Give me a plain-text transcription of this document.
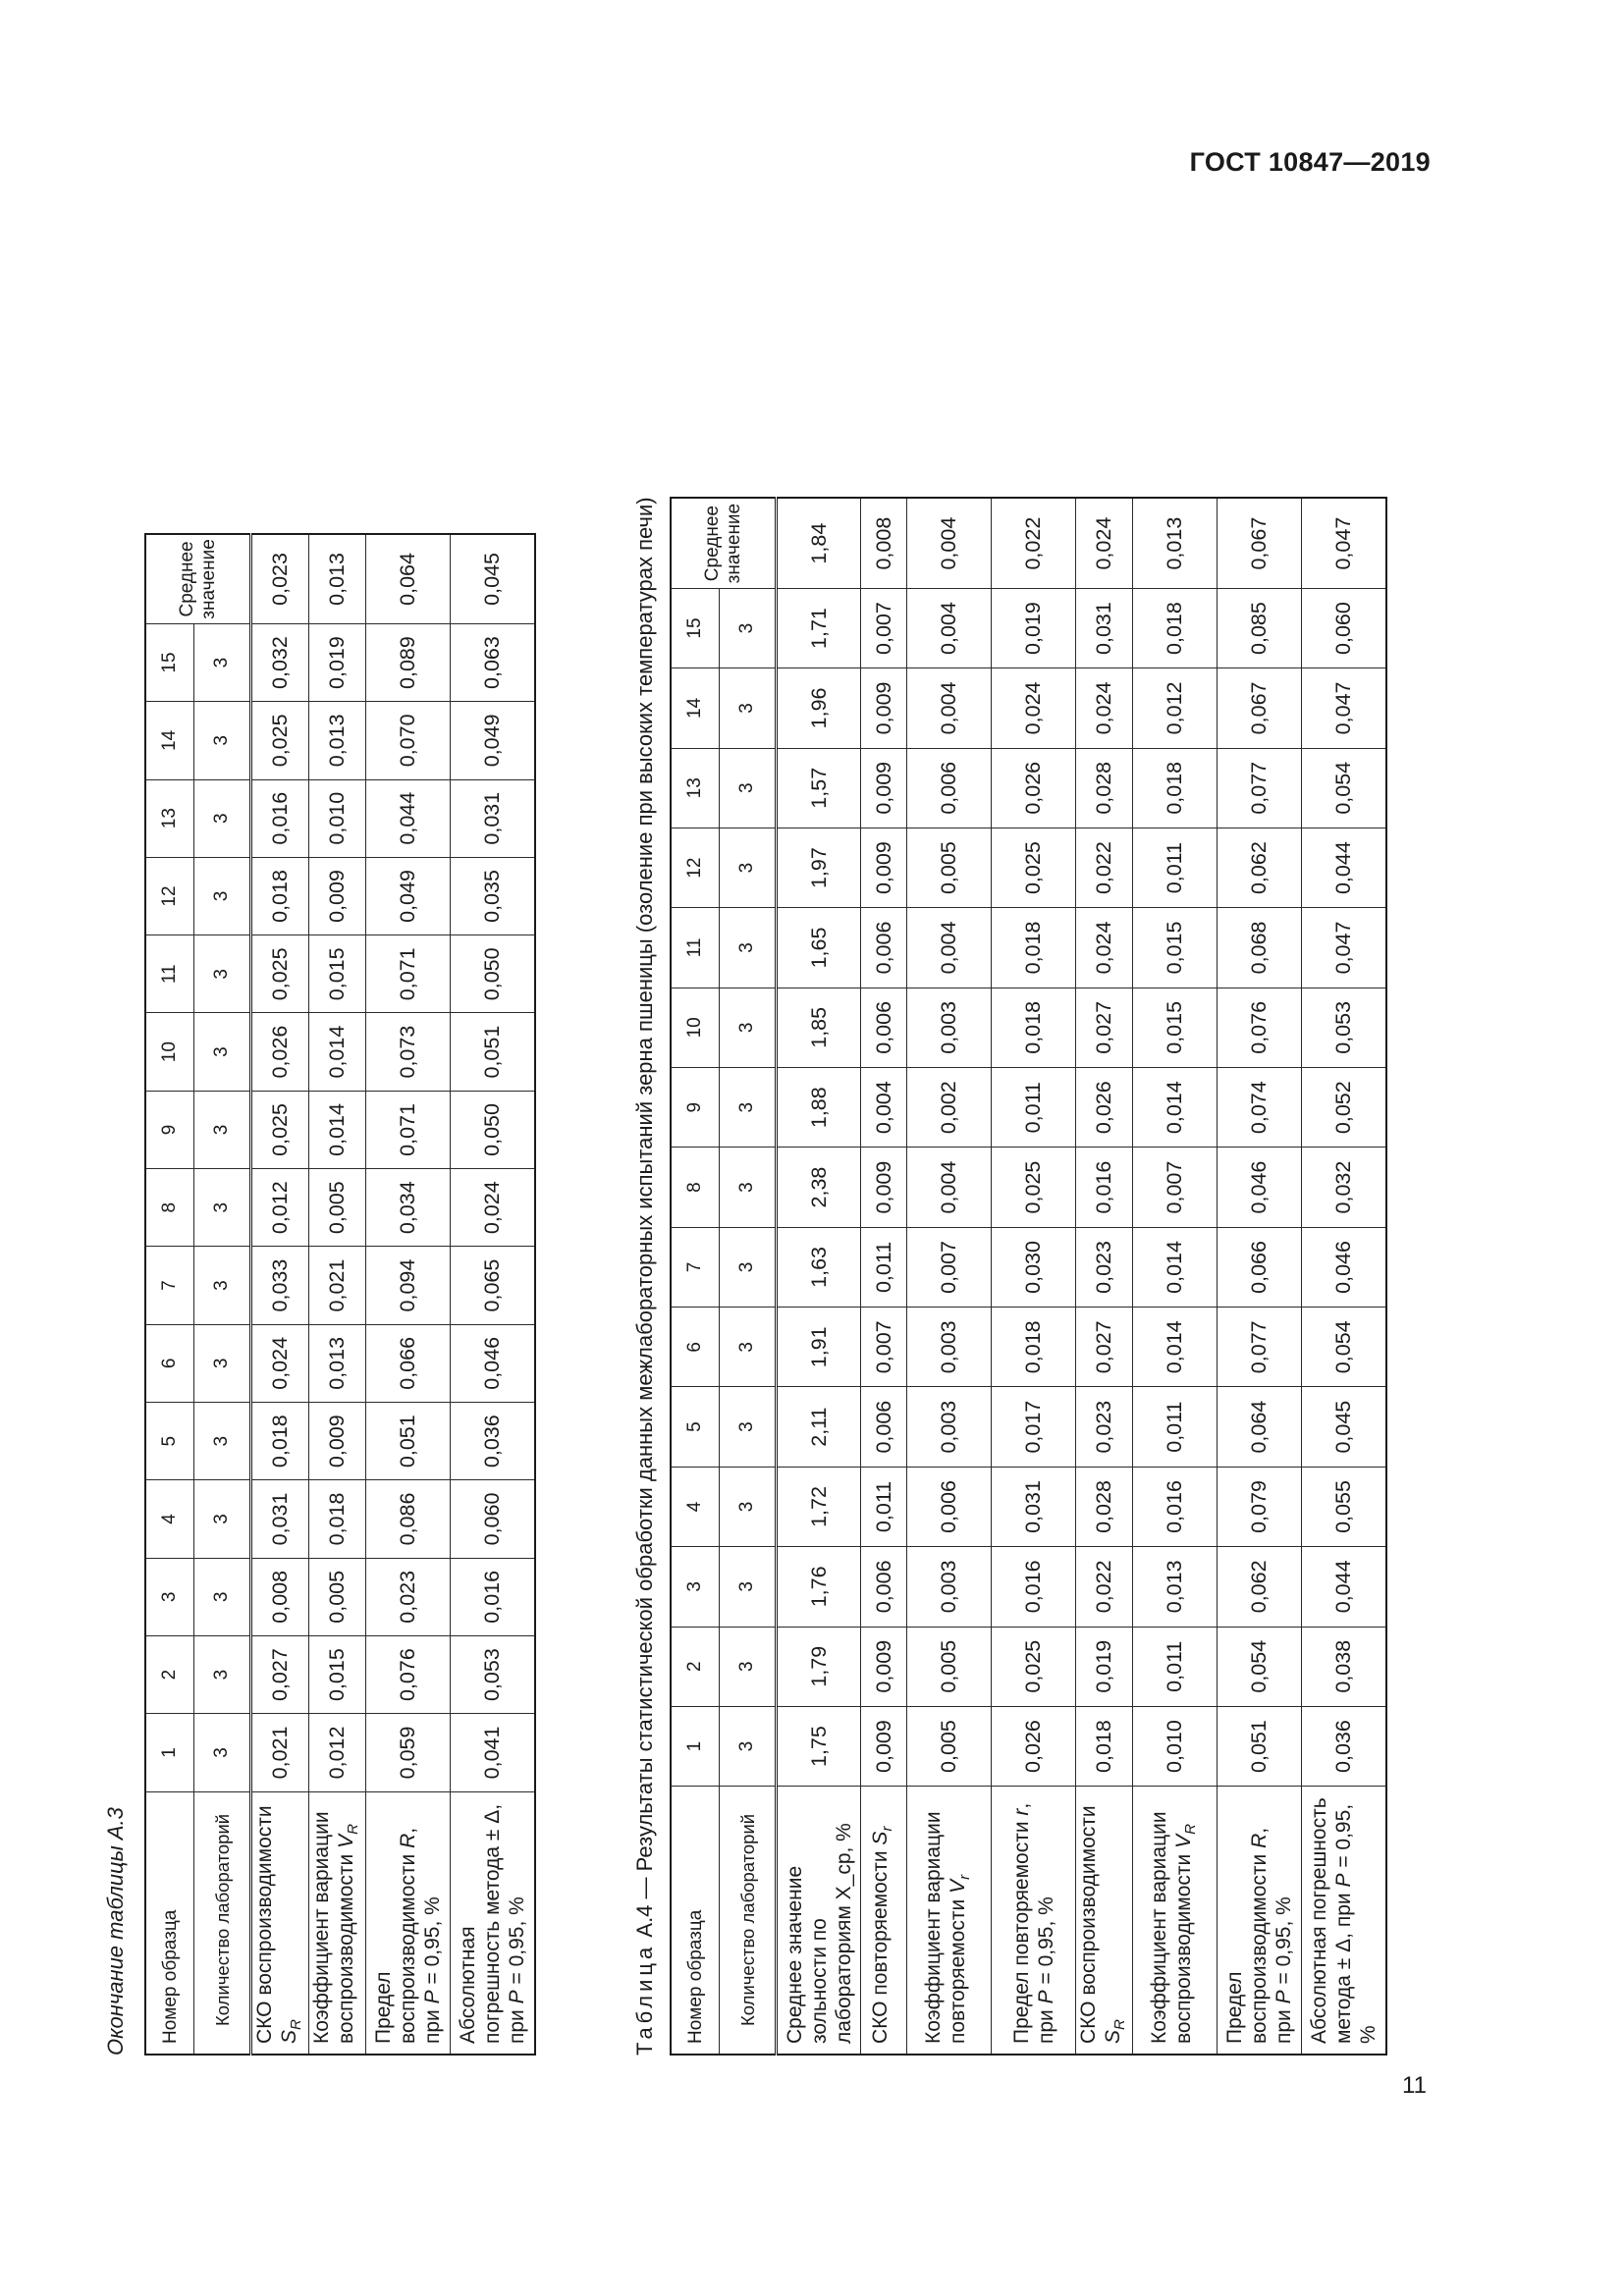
ГОСТ 10847—2019
Окончание таблицы А.3 Номер образца	1	2	3	4	5	6	7	8	9	10	11	12	13	14	15	Среднее значение
Количество лабораторий	3	3	3	3	3	3	3	3	3	3	3	3	3	3	3	
СКО воспроизводимости $S_R$	0,021	0,027	0,008	0,031	0,018	0,024	0,033	0,012	0,025	0,026	0,025	0,018	0,016	0,025	0,032	0,023
Коэффициент вариации воспроизводимости $V_R$	0,012	0,015	0,005	0,018	0,009	0,013	0,021	0,005	0,014	0,014	0,015	0,009	0,010	0,013	0,019	0,013
Предел воспроизводимости R, при P = 0,95, %	0,059	0,076	0,023	0,086	0,051	0,066	0,094	0,034	0,071	0,073	0,071	0,049	0,044	0,070	0,089	0,064
Абсолютная погрешность метода ± Δ, при P = 0,95, %	0,041	0,053	0,016	0,060	0,036	0,046	0,065	0,024	0,050	0,051	0,050	0,035	0,031	0,049	0,063	0,045
Таблица А.4 — Результаты статистической обработки данных межлабораторных испытаний зерна пшеницы (озоление при высоких температурах печи)
Номер образца	1	2	3	4	5	6	7	8	9	10	11	12	13	14	15	Среднее значение
Количество лабораторий	3	3	3	3	3	3	3	3	3	3	3	3	3	3	3	
Среднее значение зольности по лабораториям X_ср, %	1,75	1,79	1,76	1,72	2,11	1,91	1,63	2,38	1,88	1,85	1,65	1,97	1,57	1,96	1,71	1,84
СКО повторяемости $S_r$	0,009	0,009	0,006	0,011	0,006	0,007	0,011	0,009	0,004	0,006	0,006	0,009	0,009	0,009	0,007	0,008
Коэффициент вариации повторяемости $V_r$	0,005	0,005	0,003	0,006	0,003	0,003	0,007	0,004	0,002	0,003	0,004	0,005	0,006	0,004	0,004	0,004
Предел повторяемости r, при P = 0,95, %	0,026	0,025	0,016	0,031	0,017	0,018	0,030	0,025	0,011	0,018	0,018	0,025	0,026	0,024	0,019	0,022
СКО воспроизводимости $S_R$	0,018	0,019	0,022	0,028	0,023	0,027	0,023	0,016	0,026	0,027	0,024	0,022	0,028	0,024	0,031	0,024
Коэффициент вариации воспроизводимости $V_R$	0,010	0,011	0,013	0,016	0,011	0,014	0,014	0,007	0,014	0,015	0,015	0,011	0,018	0,012	0,018	0,013
Предел воспроизводимости R, при P = 0,95, %	0,051	0,054	0,062	0,079	0,064	0,077	0,066	0,046	0,074	0,076	0,068	0,062	0,077	0,067	0,085	0,067
Абсолютная погрешность метода ± Δ, при P = 0,95, %	0,036	0,038	0,044	0,055	0,045	0,054	0,046	0,032	0,052	0,053	0,047	0,044	0,054	0,047	0,060	0,047
11
